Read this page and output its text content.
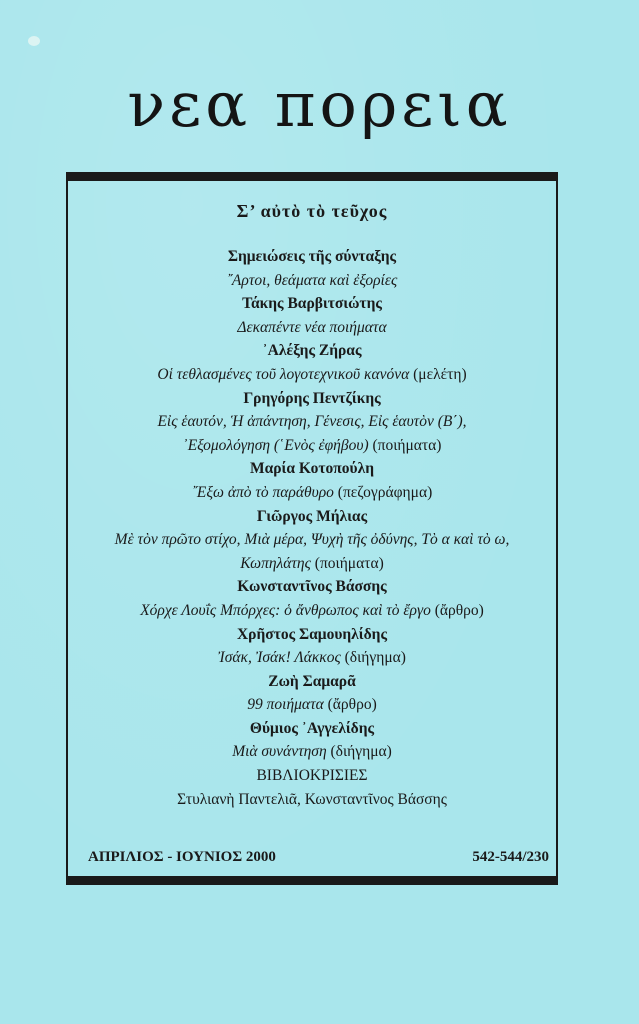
νεα πορεια
Σ’ αὐτὸ τὸ τεῦχος
Σημειώσεις τῆς σύνταξης
῎Αρτοι, θεάματα καὶ ἐξορίες
Τάκης Βαρβιτσιώτης
Δεκαπέντε νέα ποιήματα
᾿Αλέξης Ζήρας
Οἱ τεθλασμένες τοῦ λογοτεχνικοῦ κανόνα (μελέτη)
Γρηγόρης Πεντζίκης
Εἰς ἑαυτόν, Ἡ ἀπάντηση, Γένεσις, Εἰς ἑαυτὸν (Β΄),
᾿Εξομολόγηση (῾Ενὸς ἐφήβου) (ποιήματα)
Μαρία Κοτοπούλη
῎Εξω ἀπὸ τὸ παράθυρο (πεζογράφημα)
Γιῶργος Μήλιας
Μὲ τὸν πρῶτο στίχο, Μιὰ μέρα, Ψυχὴ τῆς ὀδύνης, Τὸ α καὶ τὸ ω,
Κωπηλάτης (ποιήματα)
Κωνσταντῖνος Βάσσης
Χόρχε Λουΐς Μπόρχες: ὁ ἄνθρωπος καὶ τὸ ἔργο (ἄρθρο)
Χρῆστος Σαμουηλίδης
Ἰσάκ, Ἰσάκ! Λάκκος (διήγημα)
Ζωὴ Σαμαρᾶ
99 ποιήματα (ἄρθρο)
Θύμιος ᾿Αγγελίδης
Μιὰ συνάντηση (διήγημα)
ΒΙΒΛΙΟΚΡΙΣΙΕΣ
Στυλιανὴ Παντελιᾶ, Κωνσταντῖνος Βάσσης
ΑΠΡΙΛΙΟΣ - ΙΟΥΝΙΟΣ 2000	542-544/230
